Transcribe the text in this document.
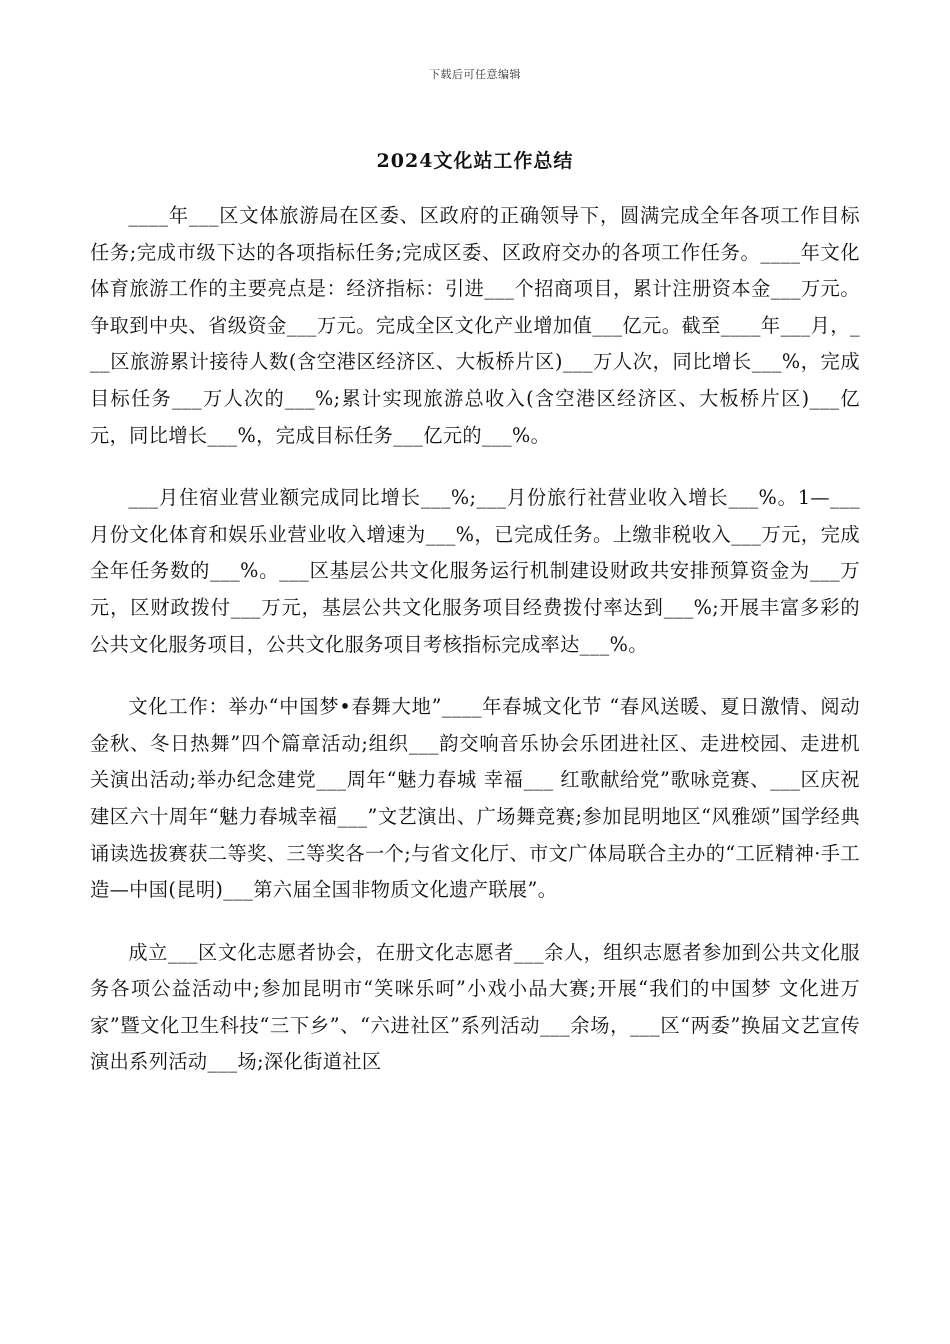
下载后可任意编辑
2024文化站工作总结

____年___区文体旅游局在区委、区政府的正确领导下，圆满完成全年各项工作目标任务;完成市级下达的各项指标任务;完成区委、区政府交办的各项工作任务。____年文化体育旅游工作的主要亮点是：经济指标：引进___个招商项目，累计注册资本金___万元。争取到中央、省级资金___万元。完成全区文化产业增加值___亿元。截至____年___月，___区旅游累计接待人数(含空港区经济区、大板桥片区)___万人次，同比增长___%，完成目标任务___万人次的___%;累计实现旅游总收入(含空港区经济区、大板桥片区)___亿元，同比增长___%，完成目标任务___亿元的___%。

___月住宿业营业额完成同比增长___%;___月份旅行社营业收入增长___%。1—___月份文化体育和娱乐业营业收入增速为___%，已完成任务。上缴非税收入___万元，完成全年任务数的___%。___区基层公共文化服务运行机制建设财政共安排预算资金为___万元，区财政拨付___万元，基层公共文化服务项目经费拨付率达到___%;开展丰富多彩的公共文化服务项目，公共文化服务项目考核指标完成率达___%。

文化工作：举办“中国梦•春舞大地”____年春城文化节 “春风送暖、夏日激情、阅动金秋、冬日热舞”四个篇章活动;组织___韵交响音乐协会乐团进社区、走进校园、走进机关演出活动;举办纪念建党___周年“魅力春城 幸福___ 红歌献给党”歌咏竞赛、___区庆祝建区六十周年“魅力春城幸福___”文艺演出、广场舞竞赛;参加昆明地区“风雅颂”国学经典诵读选拔赛获二等奖、三等奖各一个;与省文化厅、市文广体局联合主办的“工匠精神·手工造—中国(昆明)___第六届全国非物质文化遗产联展”。

成立___区文化志愿者协会，在册文化志愿者___余人，组织志愿者参加到公共文化服务各项公益活动中;参加昆明市“笑咪乐呵”小戏小品大赛;开展“我们的中国梦 文化进万家”暨文化卫生科技“三下乡”、“六进社区”系列活动___余场，___区“两委”换届文艺宣传演出系列活动___场;深化街道社区
